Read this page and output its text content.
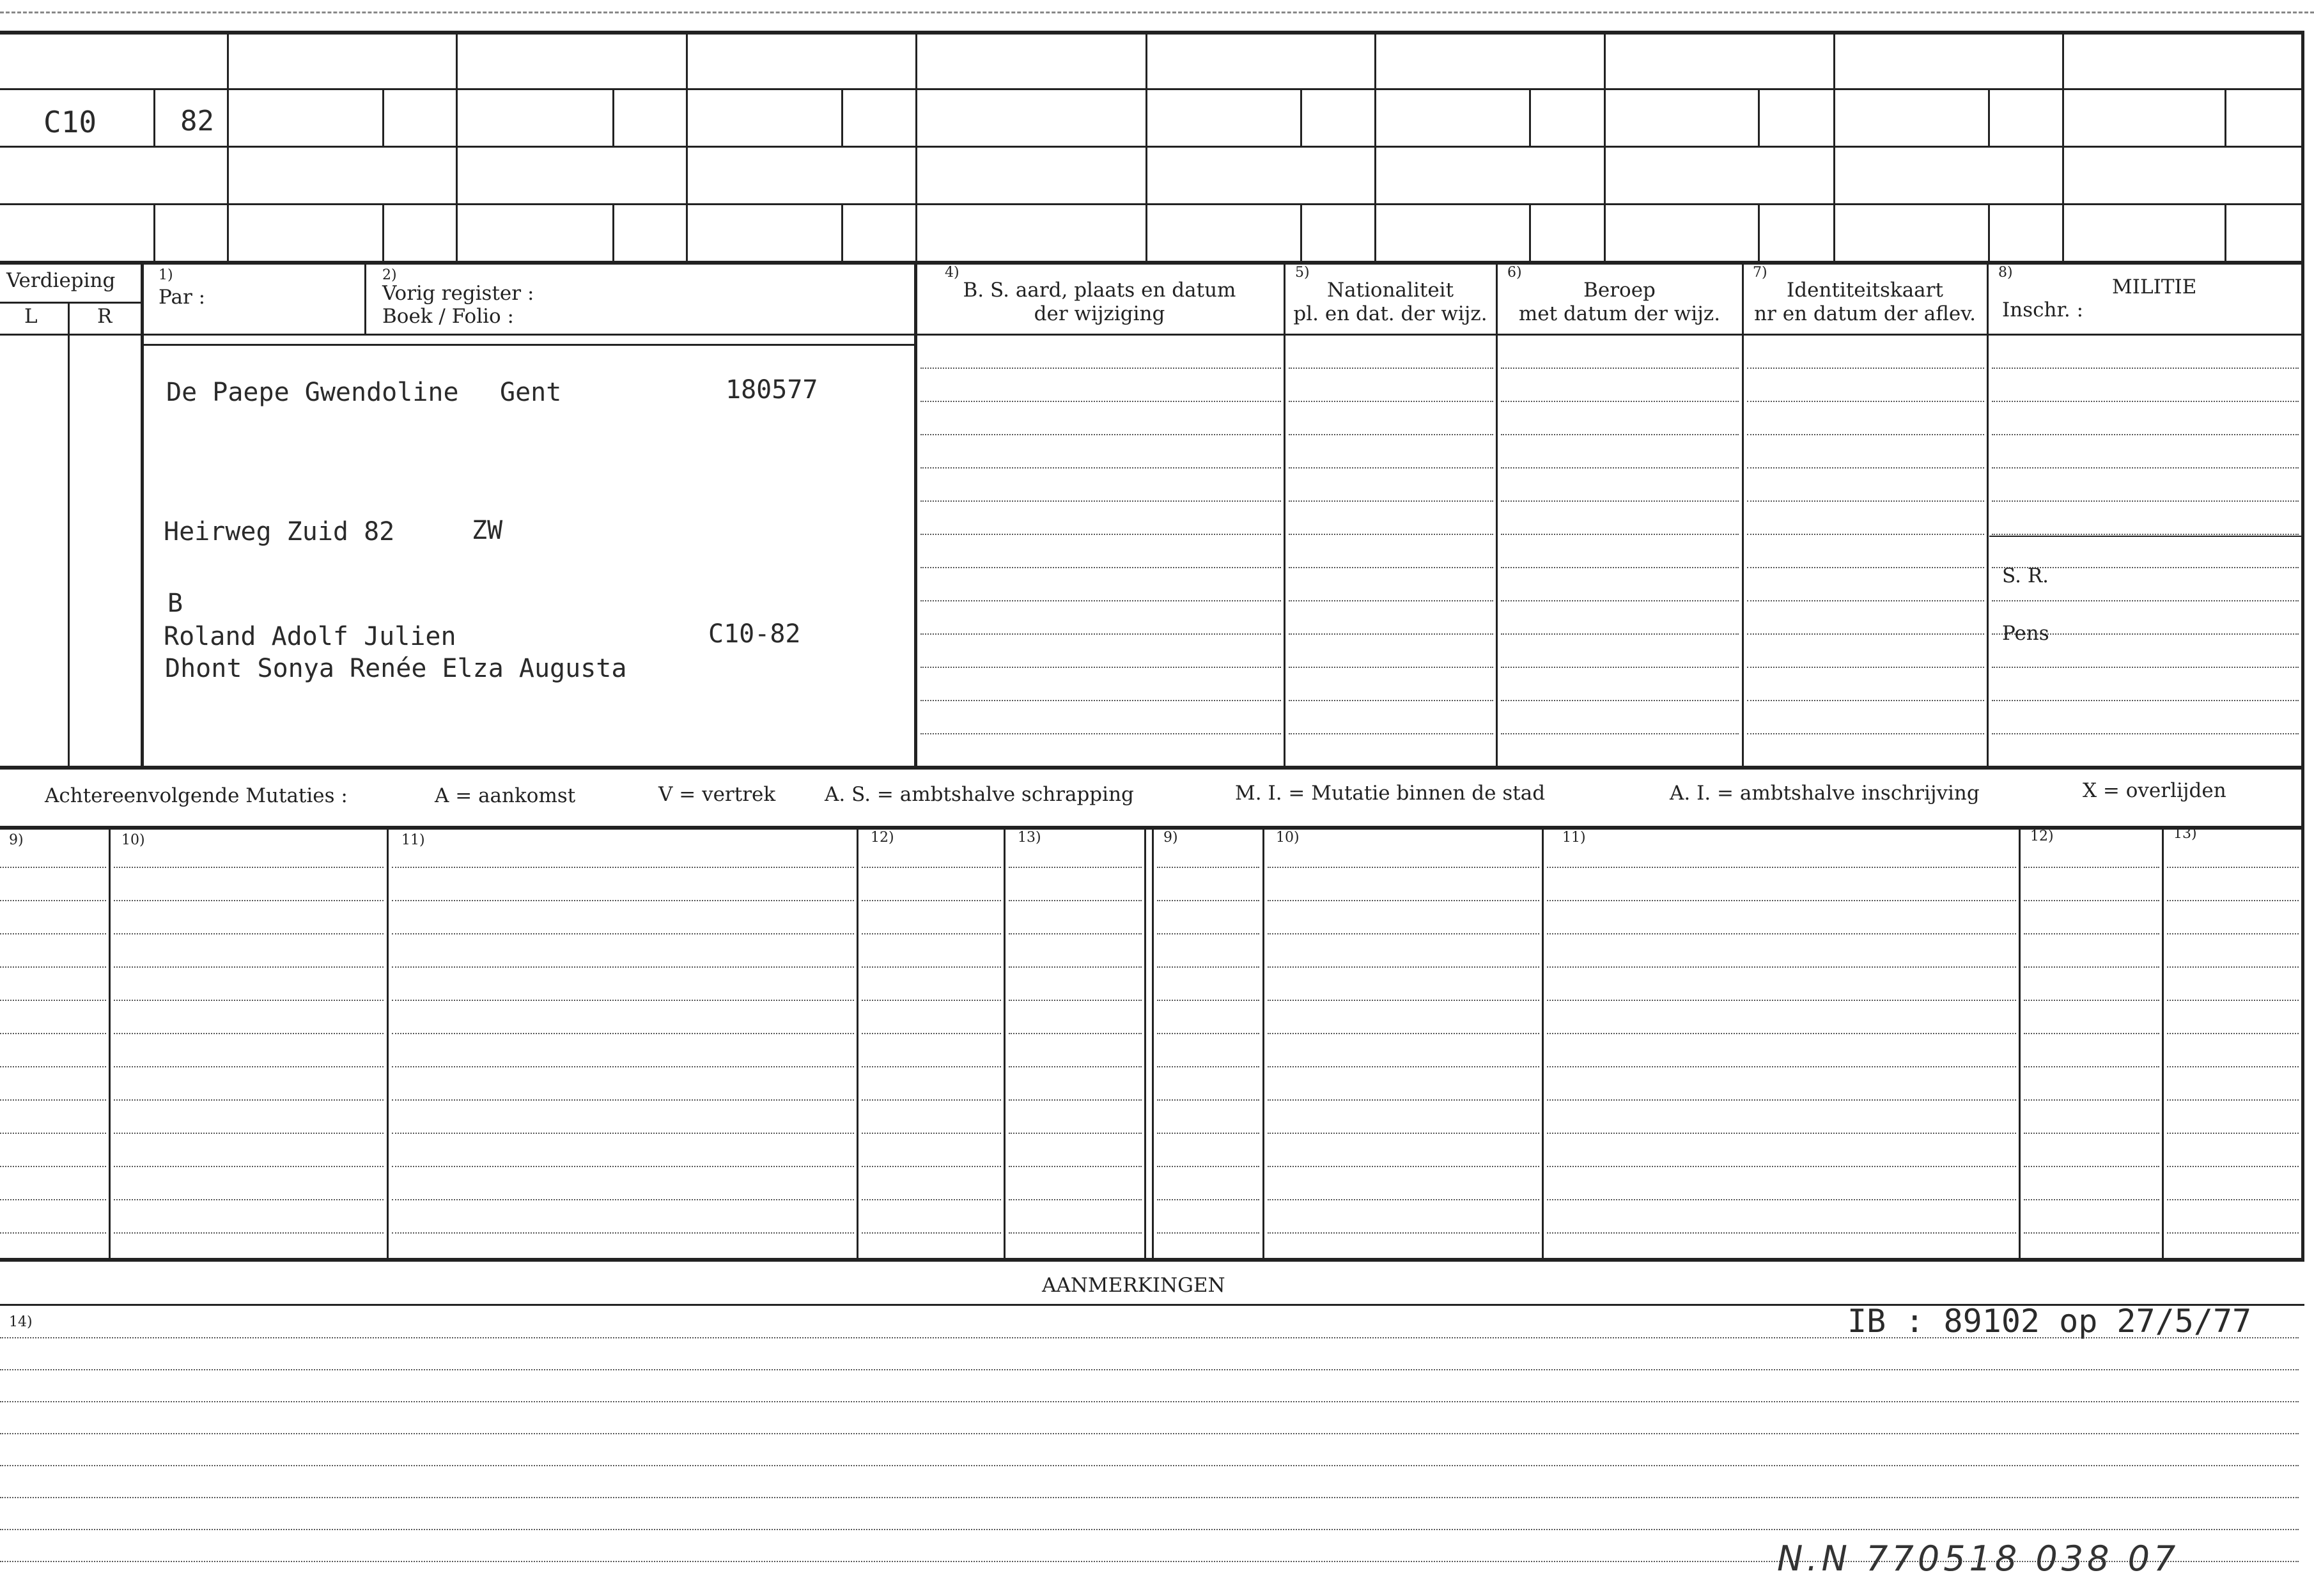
C10	82
Verdieping
L	R
1)
Par :
2)
Vorig register :
Boek / Folio :
4)
B. S. aard, plaats en datum
der wijziging
5)
Nationaliteit
pl. en dat. der wijz.
6)
Beroep
met datum der wijz.
7)
Identiteitskaart
nr en datum der aflev.
8)
MILITIE
Inschr. :
De Paepe Gwendoline Gent	180577
Heirweg Zuid 82	ZW
B
Roland Adolf Julien	C10-82
Dhont Sonya Renée Elza Augusta
S. R.
Pens
Achtereenvolgende Mutaties :	A = aankomst	V = vertrek A. S. = ambtshalve schrapping	M. I. = Mutatie binnen de stad	A. I. = ambtshalve inschrijving	X = overlijden
9)	10)	11)	12)	13)	9)	10)	11)	12)	13)
AANMERKINGEN
14)	IB : 89102 op 27/5/77
N.N 770518 038 07
